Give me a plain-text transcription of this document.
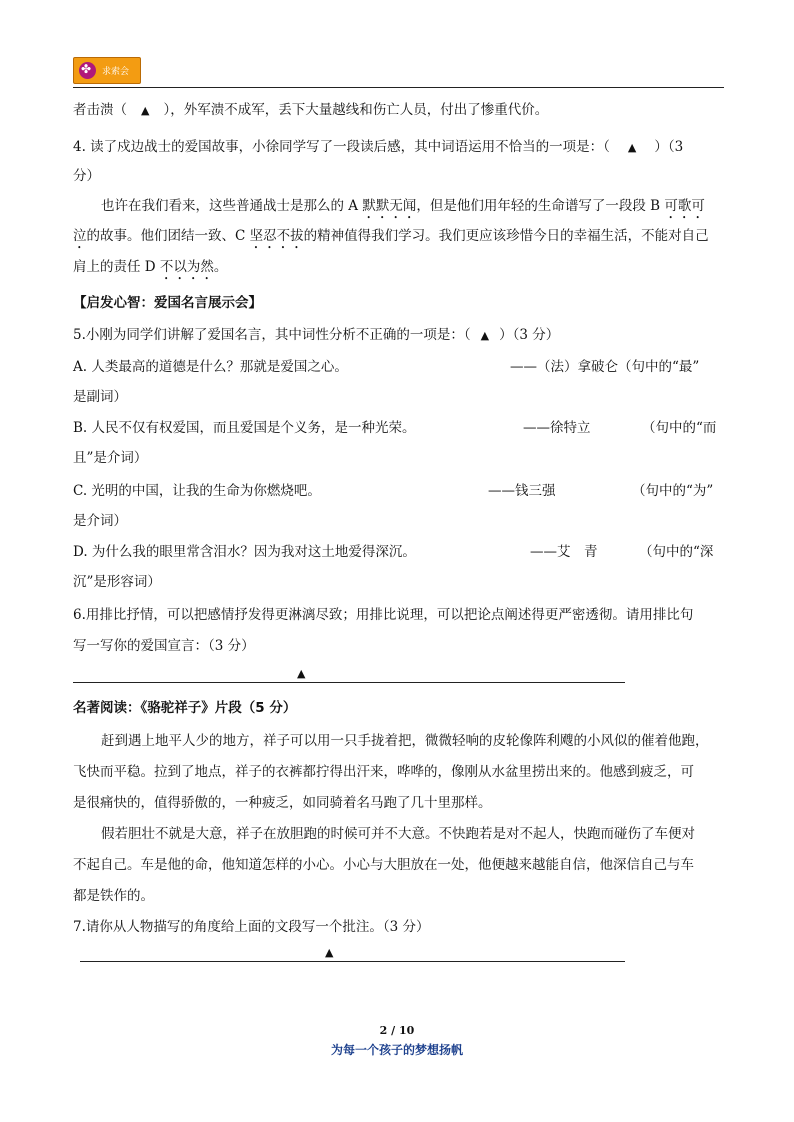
✤
求索会
者击溃（ ▲ ），外军溃不成军，丢下大量越线和伤亡人员，付出了惨重代价。
4. 读了戍边战士的爱国故事，小徐同学写了一段读后感，其中词语运用不恰当的一项是：（ ▲ ）（3
分）
也许在我们看来，这些普通战士是那么的 A 默默无闻，但是他们用年轻的生命谱写了一段段 B 可歌可
泣的故事。他们团结一致、C 坚忍不拔的精神值得我们学习。我们更应该珍惜今日的幸福生活，不能对自己
肩上的责任 D 不以为然。
【启发心智：爱国名言展示会】
5.小刚为同学们讲解了爱国名言，其中词性分析不正确的一项是：（ ▲ ）（3 分）
A. 人类最高的道德是什么？那就是爱国之心。	——（法）拿破仑（句中的“最”
是副词）
B. 人民不仅有权爱国，而且爱国是个义务，是一种光荣。	——徐特立	（句中的“而
且”是介词）
C. 光明的中国，让我的生命为你燃烧吧。	——钱三强	（句中的“为”
是介词）
D. 为什么我的眼里常含泪水？因为我对这土地爱得深沉。	——艾　青	（句中的“深
沉”是形容词）
6.用排比抒情，可以把感情抒发得更淋漓尽致；用排比说理，可以把论点阐述得更严密透彻。请用排比句
写一写你的爱国宣言：（3 分）
▲
名著阅读：《骆驼祥子》片段（5 分）
赶到遇上地平人少的地方，祥子可以用一只手拢着把，微微轻响的皮轮像阵利飕的小风似的催着他跑，
飞快而平稳。拉到了地点，祥子的衣裤都拧得出汗来，哗哗的，像刚从水盆里捞出来的。他感到疲乏，可
是很痛快的，值得骄傲的，一种疲乏，如同骑着名马跑了几十里那样。
假若胆壮不就是大意，祥子在放胆跑的时候可并不大意。不快跑若是对不起人，快跑而碰伤了车便对
不起自己。车是他的命，他知道怎样的小心。小心与大胆放在一处，他便越来越能自信，他深信自己与车
都是铁作的。
7.请你从人物描写的角度给上面的文段写一个批注。（3 分）
▲
2 / 10
为每一个孩子的梦想扬帆
